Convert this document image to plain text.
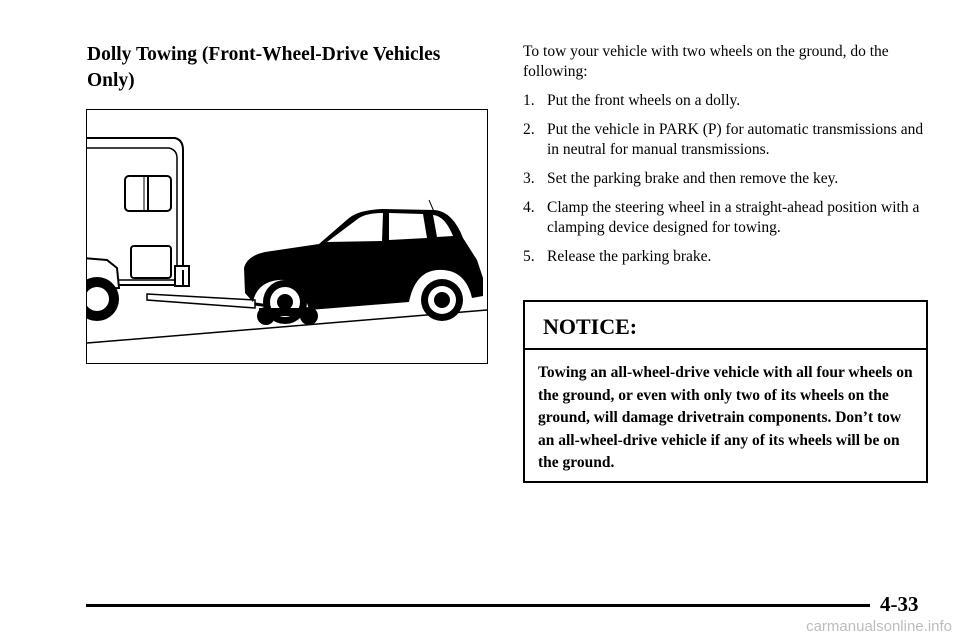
Dolly Towing (Front-Wheel-Drive Vehicles Only)

To tow your vehicle with two wheels on the ground, do the following:

1. Put the front wheels on a dolly.
2. Put the vehicle in PARK (P) for automatic transmissions and in neutral for manual transmissions.
3. Set the parking brake and then remove the key.
4. Clamp the steering wheel in a straight-ahead position with a clamping device designed for towing.
5. Release the parking brake.
NOTICE:
Towing an all-wheel-drive vehicle with all four wheels on the ground, or even with only two of its wheels on the ground, will damage drivetrain components. Don’t tow an all-wheel-drive vehicle if any of its wheels will be on the ground.
4-33
carmanualsonline.info
